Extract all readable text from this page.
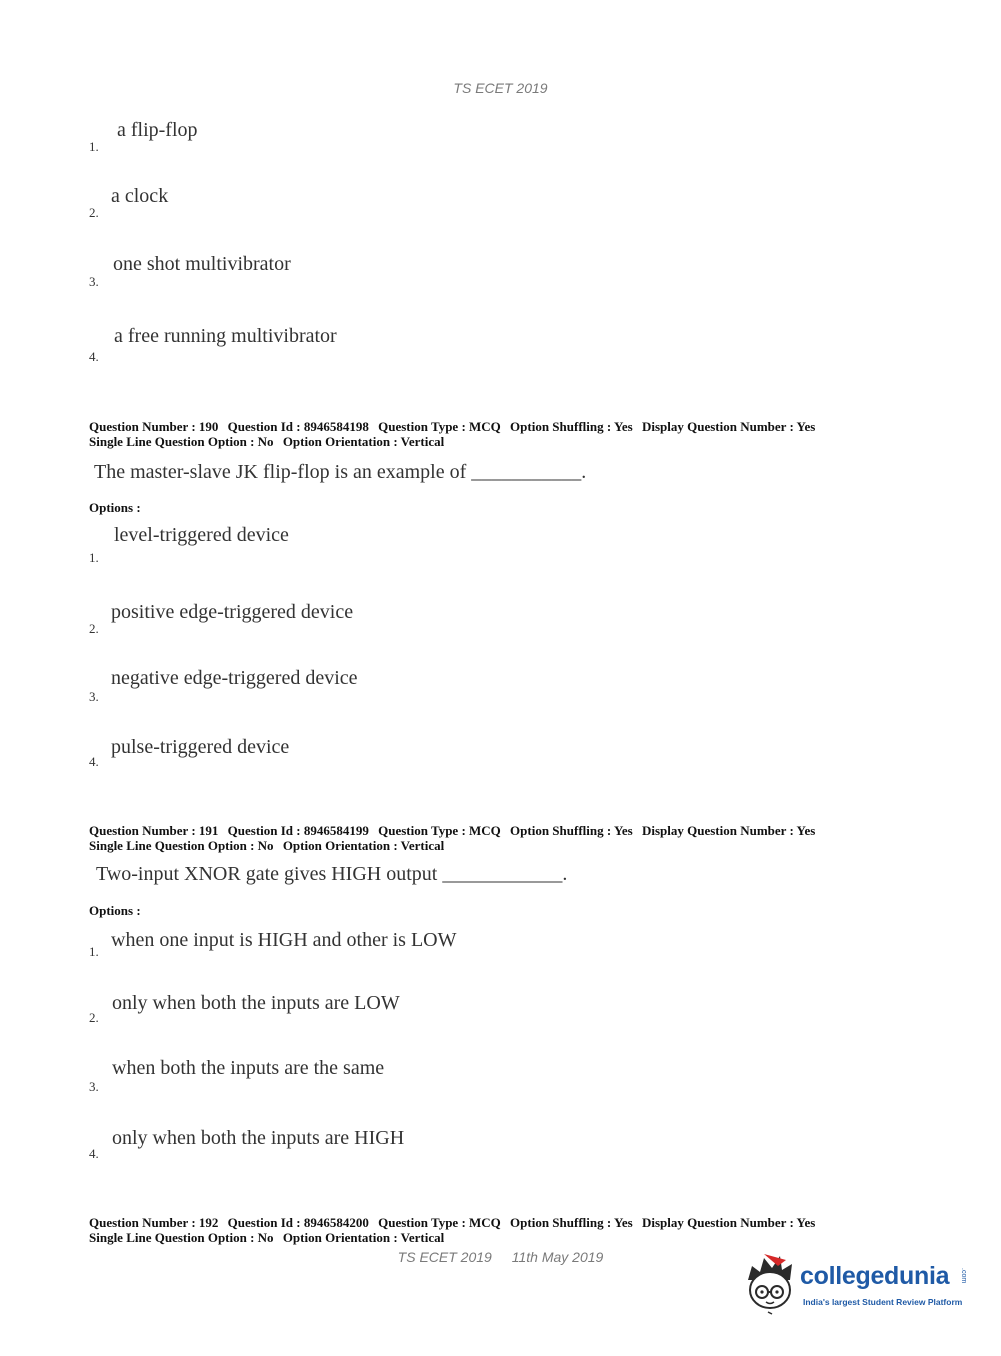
TS ECET 2019
1.
a flip-flop
2.
a clock
3.
one shot multivibrator
4.
a free running multivibrator
Question Number : 190 Question Id : 8946584198 Question Type : MCQ Option Shuffling : Yes Display Question Number : Yes
Single Line Question Option : No Option Orientation : Vertical
The master-slave JK flip-flop is an example of ___________.
Options :
1.
level-triggered device
2.
positive edge-triggered device
3.
negative edge-triggered device
4.
pulse-triggered device
Question Number : 191 Question Id : 8946584199 Question Type : MCQ Option Shuffling : Yes Display Question Number : Yes
Single Line Question Option : No Option Orientation : Vertical
Two-input XNOR gate gives HIGH output ____________.
Options :
1.
when one input is HIGH and other is LOW
2.
only when both the inputs are LOW
3.
when both the inputs are the same
4.
only when both the inputs are HIGH
Question Number : 192 Question Id : 8946584200 Question Type : MCQ Option Shuffling : Yes Display Question Number : Yes
Single Line Question Option : No Option Orientation : Vertical
TS ECET 2019 11th May 2019
collegedunia .com
India's largest Student Review Platform
